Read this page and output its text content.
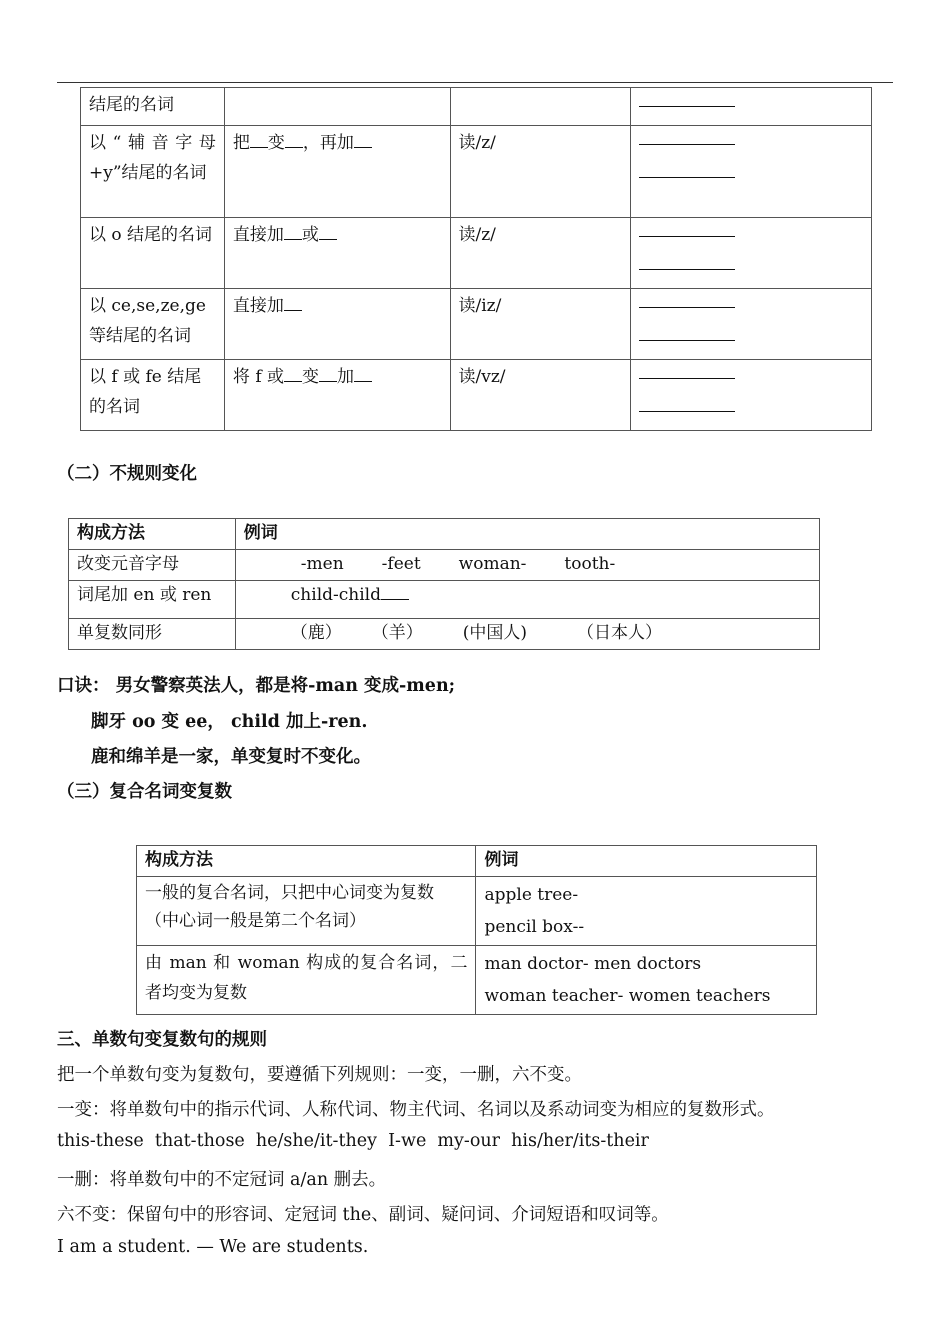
结尾的名词			

以“辅音字母+y”结尾的名词	把 变 ，再加	读/z/	

以 o 结尾的名词	直接加 或	读/z/	

以 ce,se,ze,ge 等结尾的名词	直接加	读/iz/	

以 f 或 fe 结尾的名词	将 f 或 变 加	读/vz/	
（二）不规则变化
构成方法	例词
改变元音字母	-men -feet woman- tooth-
词尾加 en 或 ren	child-child
单复数同形	（鹿） （羊） (中国人) （日本人）
口诀： 男女警察英法人，都是将-man 变成-men;
脚牙 oo 变 ee， child 加上-ren.
鹿和绵羊是一家，单变复时不变化。
（三）复合名词变复数
构成方法	例词
一般的复合名词，只把中心词变为复数（中心词一般是第二个名词）	apple tree-
pencil box--

由 man 和 woman 构成的复合名词，二者均变为复数	man doctor- men doctors
woman teacher- women teachers
三、单数句变复数句的规则
把一个单数句变为复数句，要遵循下列规则：一变，一删，六不变。
一变：将单数句中的指示代词、人称代词、物主代词、名词以及系动词变为相应的复数形式。
this-these  that-those  he/she/it-they  I-we  my-our  his/her/its-their
一删：将单数句中的不定冠词 a/an 删去。
六不变：保留句中的形容词、定冠词 the、副词、疑问词、介词短语和叹词等。
I am a student. — We are students.
